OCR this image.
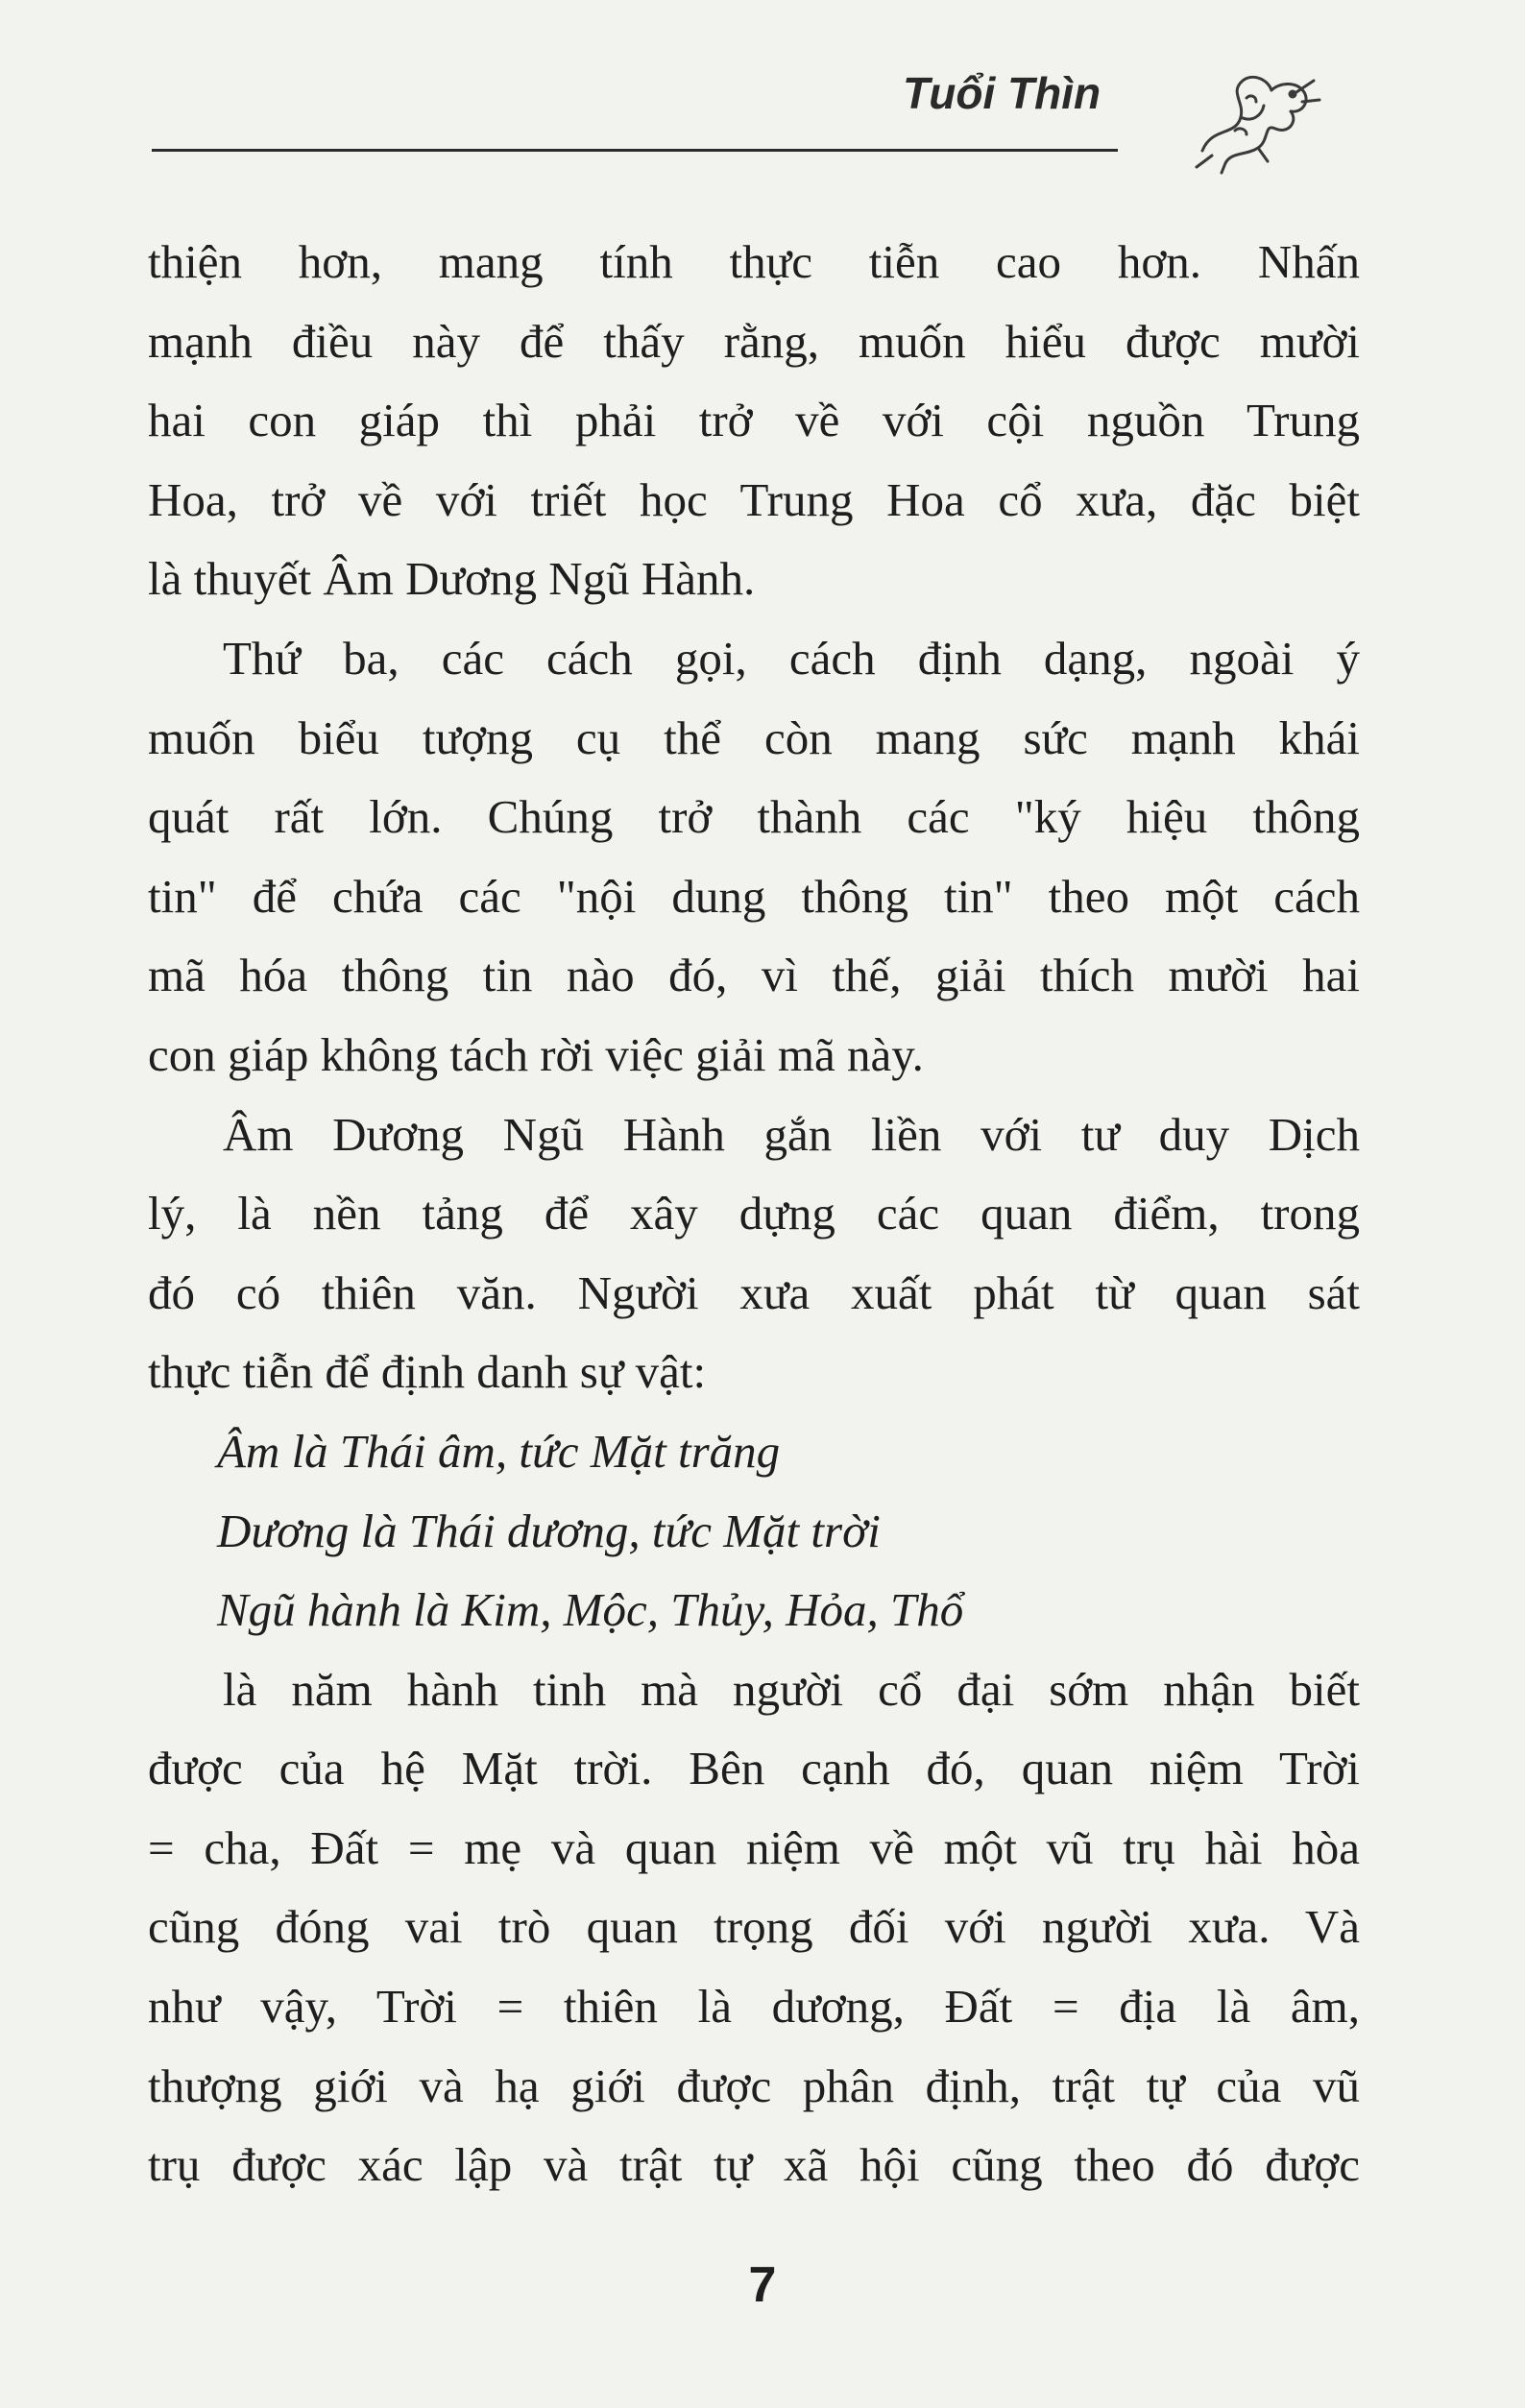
Tuổi Thìn
thiện hơn, mang tính thực tiễn cao hơn. Nhấn
mạnh điều này để thấy rằng, muốn hiểu được mười
hai con giáp thì phải trở về với cội nguồn Trung
Hoa, trở về với triết học Trung Hoa cổ xưa, đặc biệt
là thuyết Âm Dương Ngũ Hành.
Thứ ba, các cách gọi, cách định dạng, ngoài ý
muốn biểu tượng cụ thể còn mang sức mạnh khái
quát rất lớn. Chúng trở thành các "ký hiệu thông
tin" để chứa các "nội dung thông tin" theo một cách
mã hóa thông tin nào đó, vì thế, giải thích mười hai
con giáp không tách rời việc giải mã này.
Âm Dương Ngũ Hành gắn liền với tư duy Dịch
lý, là nền tảng để xây dựng các quan điểm, trong
đó có thiên văn. Người xưa xuất phát từ quan sát
thực tiễn để định danh sự vật:
Âm là Thái âm, tức Mặt trăng
Dương là Thái dương, tức Mặt trời
Ngũ hành là Kim, Mộc, Thủy, Hỏa, Thổ
là năm hành tinh mà người cổ đại sớm nhận biết
được của hệ Mặt trời. Bên cạnh đó, quan niệm Trời
= cha, Đất = mẹ và quan niệm về một vũ trụ hài hòa
cũng đóng vai trò quan trọng đối với người xưa. Và
như vậy, Trời = thiên là dương, Đất = địa là âm,
thượng giới và hạ giới được phân định, trật tự của vũ
trụ được xác lập và trật tự xã hội cũng theo đó được
7
